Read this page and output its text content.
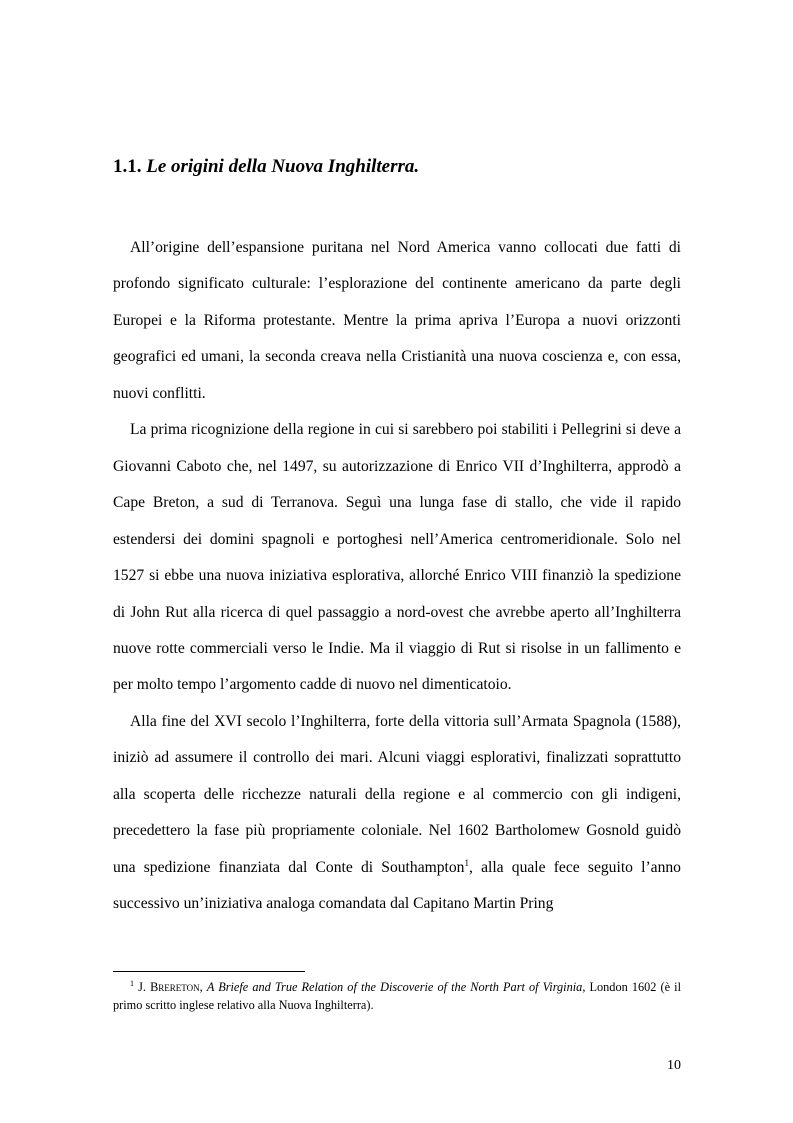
1.1. Le origini della Nuova Inghilterra.

All’origine dell’espansione puritana nel Nord America vanno collocati due fatti di profondo significato culturale: l’esplorazione del continente americano da parte degli Europei e la Riforma protestante. Mentre la prima apriva l’Europa a nuovi orizzonti geografici ed umani, la seconda creava nella Cristianità una nuova coscienza e, con essa, nuovi conflitti.

La prima ricognizione della regione in cui si sarebbero poi stabiliti i Pellegrini si deve a Giovanni Caboto che, nel 1497, su autorizzazione di Enrico VII d’Inghilterra, approdò a Cape Breton, a sud di Terranova. Seguì una lunga fase di stallo, che vide il rapido estendersi dei domini spagnoli e portoghesi nell’America centromeridionale. Solo nel 1527 si ebbe una nuova iniziativa esplorativa, allorché Enrico VIII finanziò la spedizione di John Rut alla ricerca di quel passaggio a nord-ovest che avrebbe aperto all’Inghilterra nuove rotte commerciali verso le Indie. Ma il viaggio di Rut si risolse in un fallimento e per molto tempo l’argomento cadde di nuovo nel dimenticatoio.

Alla fine del XVI secolo l’Inghilterra, forte della vittoria sull’Armata Spagnola (1588), iniziò ad assumere il controllo dei mari. Alcuni viaggi esplorativi, finalizzati soprattutto alla scoperta delle ricchezze naturali della regione e al commercio con gli indigeni, precedettero la fase più propriamente coloniale. Nel 1602 Bartholomew Gosnold guidò una spedizione finanziata dal Conte di Southampton$^1$, alla quale fece seguito l’anno successivo un’iniziativa analoga comandata dal Capitano Martin Pring

$^1$ J. Brereton, A Briefe and True Relation of the Discoverie of the North Part of Virginia, London 1602 (è il primo scritto inglese relativo alla Nuova Inghilterra).

10
